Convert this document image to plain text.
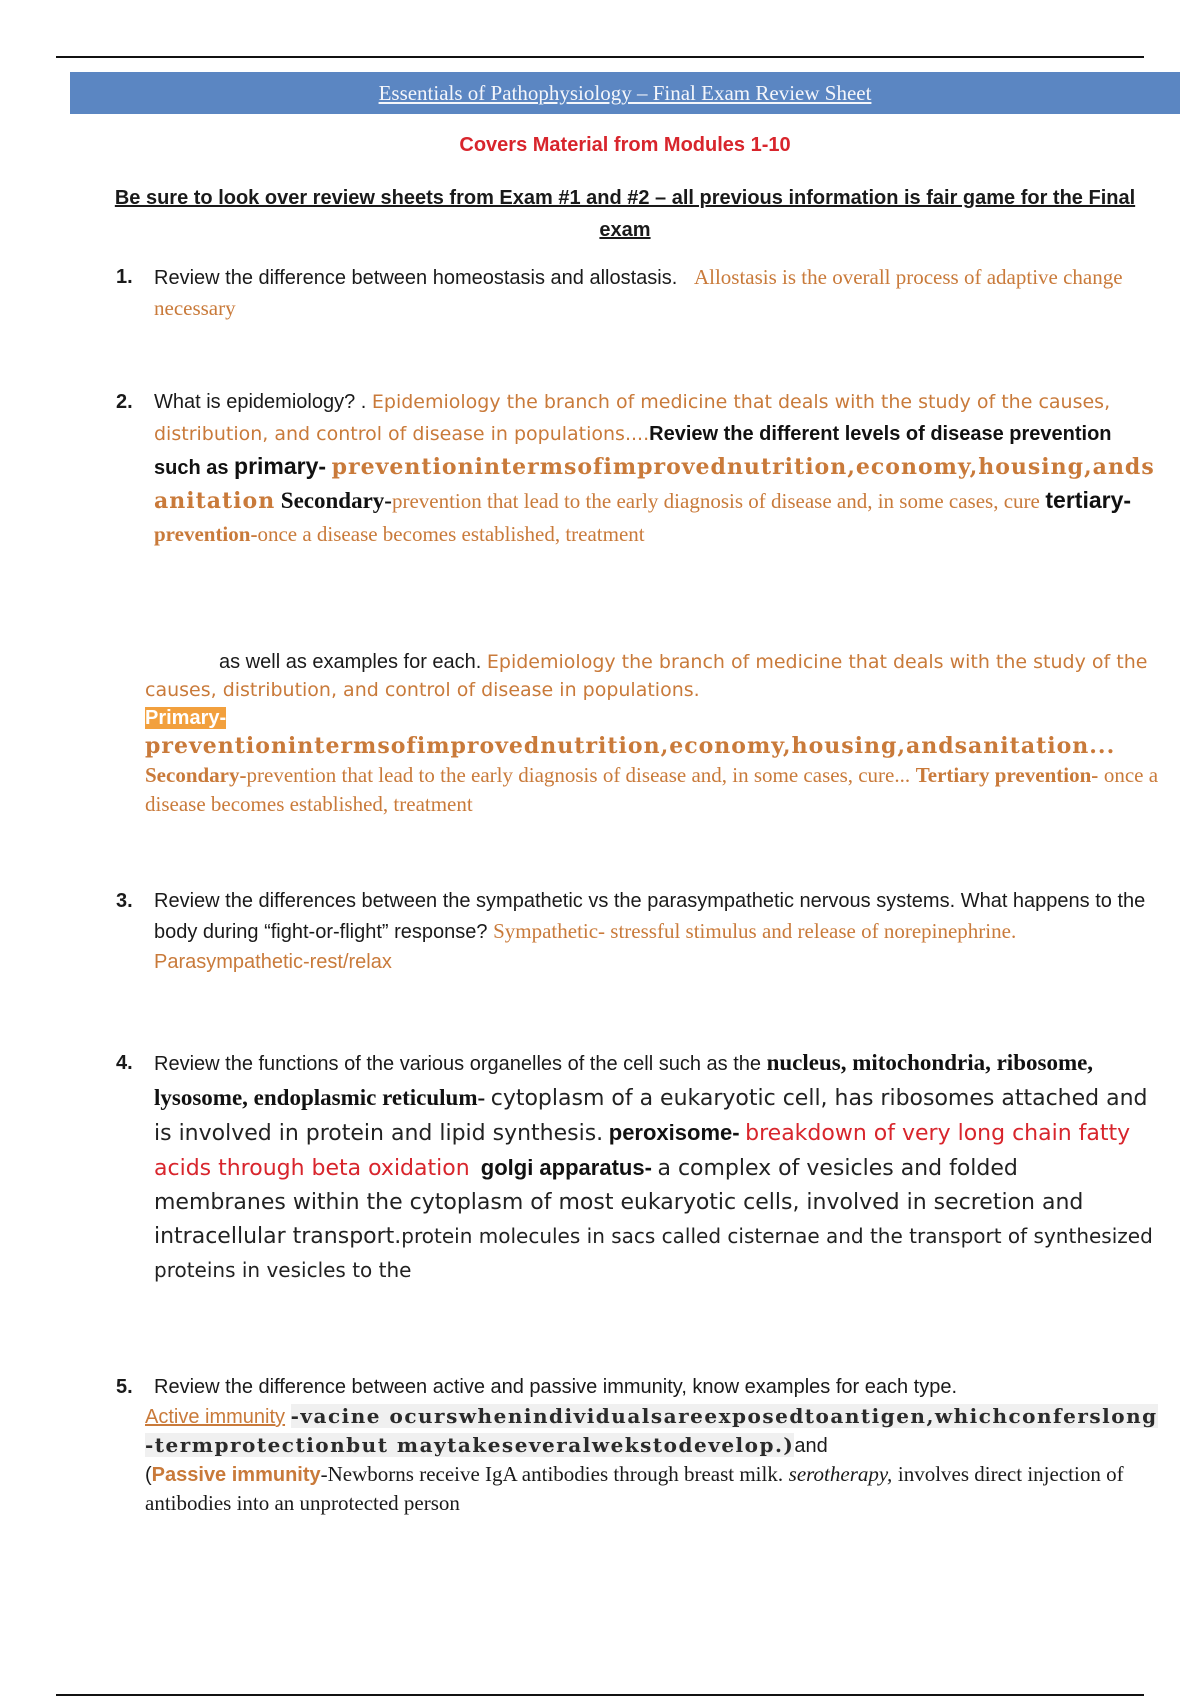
Essentials of Pathophysiology – Final Exam Review Sheet
Covers Material from Modules 1-10
Be sure to look over review sheets from Exam #1 and #2 – all previous information is fair game for the Final exam
1. Review the difference between homeostasis and allostasis. Allostasis is the overall process of adaptive change necessary
2. What is epidemiology? . Epidemiology the branch of medicine that deals with the study of the causes, distribution, and control of disease in populations....Review the different levels of disease prevention such as primary- preventionintermsofimprovednutrition,economy,housing,andsanitation Secondary-prevention that lead to the early diagnosis of disease and, in some cases, cure tertiary- prevention-once a disease becomes established, treatment
as well as examples for each. Epidemiology the branch of medicine that deals with the study of the causes, distribution, and control of disease in populations.
Primary-
preventionintermsofimprovednutrition,economy,housing,andsanitation... Secondary-prevention that lead to the early diagnosis of disease and, in some cases, cure... Tertiary prevention- once a disease becomes established, treatment
3. Review the differences between the sympathetic vs the parasympathetic nervous systems. What happens to the body during “fight-or-flight” response? Sympathetic- stressful stimulus and release of norepinephrine. Parasympathetic-rest/relax
4. Review the functions of the various organelles of the cell such as the nucleus, mitochondria, ribosome, lysosome, endoplasmic reticulum- cytoplasm of a eukaryotic cell, has ribosomes attached and is involved in protein and lipid synthesis. peroxisome- breakdown of very long chain fatty acids through beta oxidation golgi apparatus- a complex of vesicles and folded membranes within the cytoplasm of most eukaryotic cells, involved in secretion and intracellular transport.protein molecules in sacs called cisternae and the transport of synthesized proteins in vesicles to the
5. Review the difference between active and passive immunity, know examples for each type.
Active immunity -vacine ocurswhenindividualsareexposedtoantigen,whichconferslong-termprotectionbut maytakeseveralwekstodevelop.)and
(Passive immunity-Newborns receive IgA antibodies through breast milk. serotherapy, involves direct injection of antibodies into an unprotected person
